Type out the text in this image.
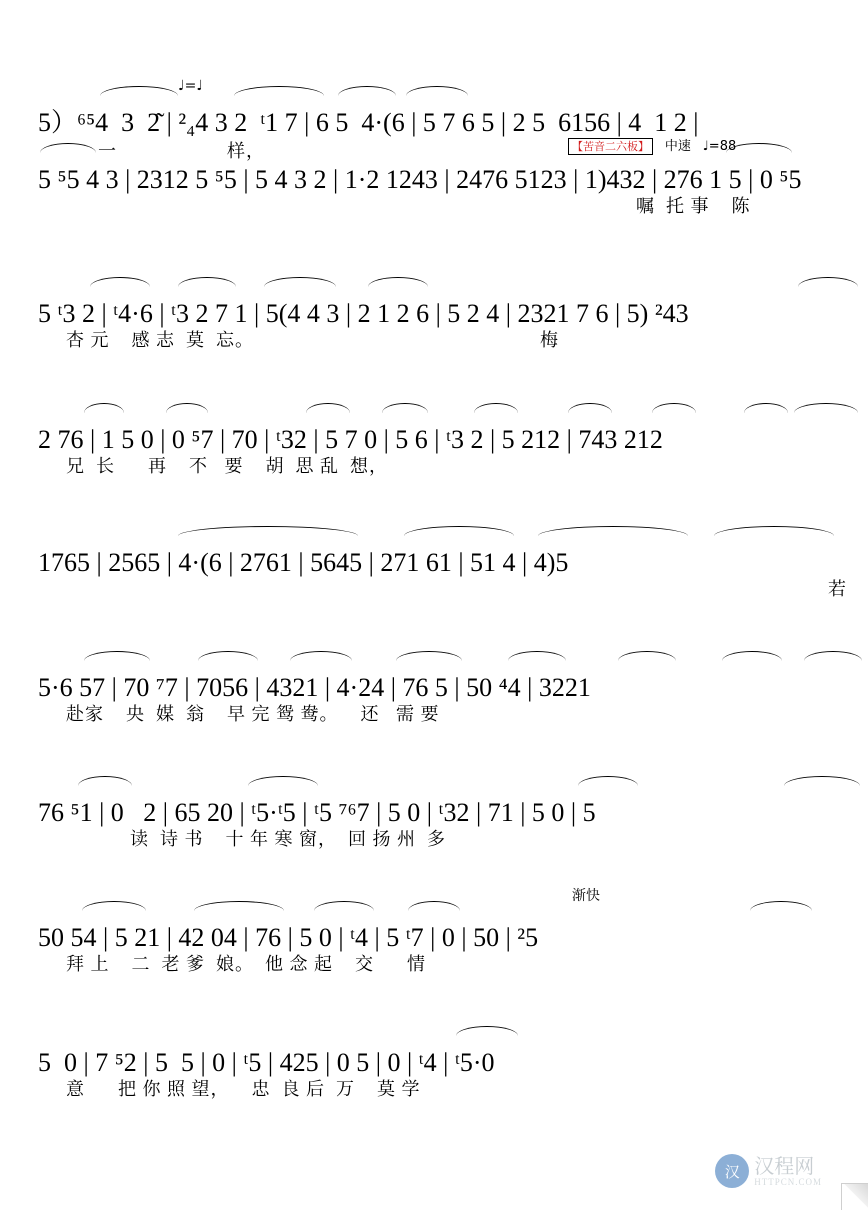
♩=♩
5）⁶⁵4  3  2͂ | ²₄4 3 2  ᵗ1 7 | 6 5  4·(6 | 5 7 6 5 | 2 5  6156 | 4  1 2 |
一                    样，	【苦音二六板】 中速 ♩=88
5 ⁵5 4 3 | 2312 5 ⁵5 | 5 4 3 2 | 1·2 1243 | 2476 5123 | 1)432 | 276 1 5 | 0 ⁵5
嘱  托 事    陈
5 ᵗ3 2 | ᵗ4·6 | ᵗ3 2 7 1 | 5(4 4 3 | 2 1 2 6 | 5 2 4 | 2321 7 6 | 5) ²43
杏 元    感 志  莫  忘。                                                    梅
2 76 | 1 5 0 | 0 ⁵7 | 70 | ᵗ32 | 5 7 0 | 5 6 | ᵗ3 2 | 5 212 | 743 212
兄  长      再    不   要    胡  思 乱  想，
1765 | 2565 | 4·(6 | 2761 | 5645 | 271 61 | 51 4 | 4)5
若
5·6 57 | 70 ⁷7 | 7056 | 4321 | 4·24 | 76 5 | 50 ⁴4 | 3221
赴家    央  媒  翁    早 完 鸳 鸯。    还   需 要
76 ⁵1 | 0   2 | 65 20 | ᵗ5·ᵗ5 | ᵗ5 ⁷⁶7 | 5 0 | ᵗ32 | 71 | 5 0 | 5
读  诗 书    十 年 寒 窗，  回 扬 州  多
渐快
50 54 | 5 21 | 42 04 | 76 | 5 0 | ᵗ4 | 5 ᵗ7 | 0 | 50 | ²5
拜 上    二  老 爹  娘。  他 念 起    交      情
5  0 | 7 ⁵2 | 5  5 | 0 | ᵗ5 | 425 | 0 5 | 0 | ᵗ4 | ᵗ5·0
意      把 你 照 望，    忠  良 后  万    莫 学
汉 汉程网
HTTPCN.COM
